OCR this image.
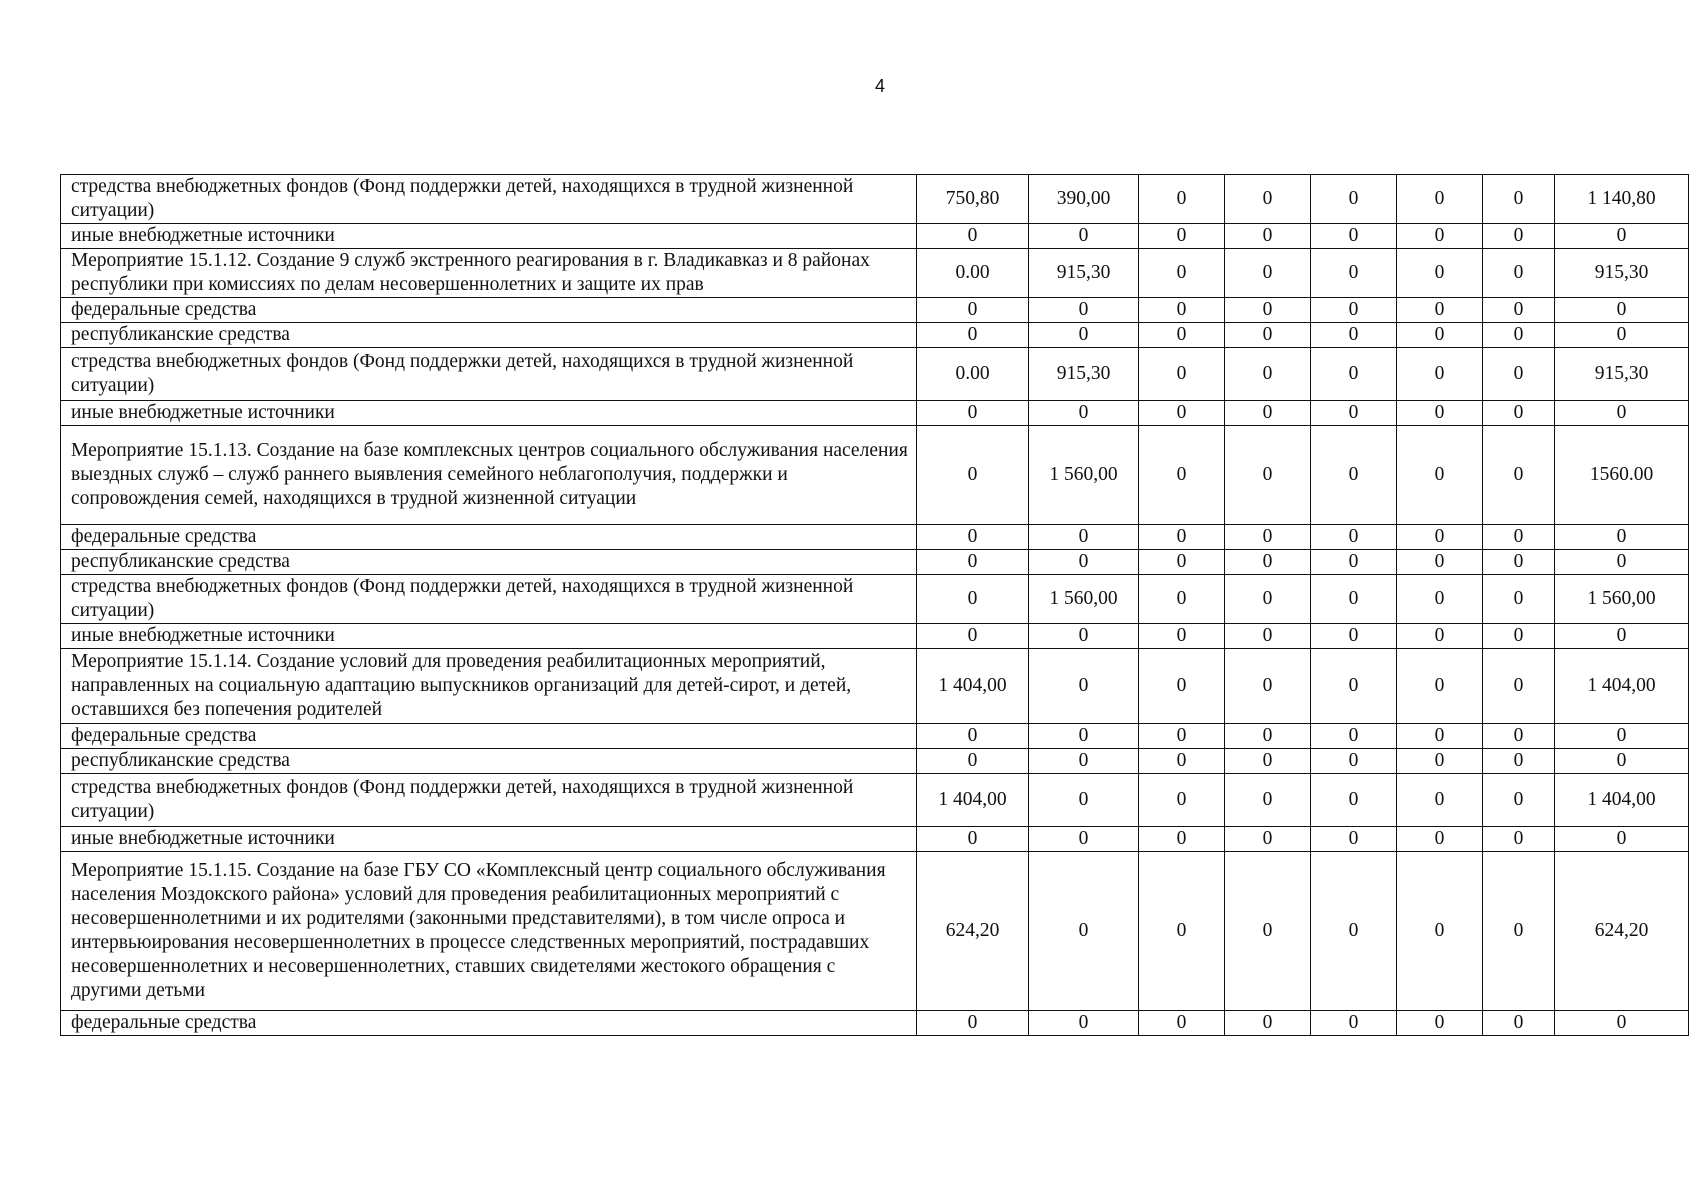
4
стредства внебюджетных фондов (Фонд поддержки детей, находящихся в трудной жизненной ситуации)	750,80	390,00	0	0	0	0	0	1 140,80
иные внебюджетные источники	0	0	0	0	0	0	0	0
Мероприятие 15.1.12. Создание 9 служб экстренного реагирования в г. Владикавказ и 8 районах республики при комиссиях по делам несовершеннолетних и защите их прав	0.00	915,30	0	0	0	0	0	915,30
федеральные средства	0	0	0	0	0	0	0	0
республиканские средства	0	0	0	0	0	0	0	0
стредства внебюджетных фондов (Фонд поддержки детей, находящихся в трудной жизненной ситуации)	0.00	915,30	0	0	0	0	0	915,30
иные внебюджетные источники	0	0	0	0	0	0	0	0
Мероприятие 15.1.13. Создание на базе комплексных центров социального обслуживания населения выездных служб – служб раннего выявления семейного неблагополучия, поддержки и сопровождения семей, находящихся в трудной жизненной ситуации	0	1 560,00	0	0	0	0	0	1560.00
федеральные средства	0	0	0	0	0	0	0	0
республиканские средства	0	0	0	0	0	0	0	0
стредства внебюджетных фондов (Фонд поддержки детей, находящихся в трудной жизненной ситуации)	0	1 560,00	0	0	0	0	0	1 560,00
иные внебюджетные источники	0	0	0	0	0	0	0	0
Мероприятие 15.1.14. Создание условий для проведения реабилитационных мероприятий, направленных на социальную адаптацию выпускников организаций для детей-сирот, и детей, оставшихся без попечения родителей	1 404,00	0	0	0	0	0	0	1 404,00
федеральные средства	0	0	0	0	0	0	0	0
республиканские средства	0	0	0	0	0	0	0	0
стредства внебюджетных фондов (Фонд поддержки детей, находящихся в трудной жизненной ситуации)	1 404,00	0	0	0	0	0	0	1 404,00
иные внебюджетные источники	0	0	0	0	0	0	0	0
Мероприятие 15.1.15. Создание на базе ГБУ СО «Комплексный центр социального обслуживания населения Моздокского района» условий для проведения реабилитационных мероприятий с несовершеннолетними и их родителями (законными представителями), в том числе опроса и интервьюирования несовершеннолетних в процессе следственных мероприятий, пострадавших несовершеннолетних и несовершеннолетних, ставших свидетелями жестокого обращения с другими детьми	624,20	0	0	0	0	0	0	624,20
федеральные средства	0	0	0	0	0	0	0	0
